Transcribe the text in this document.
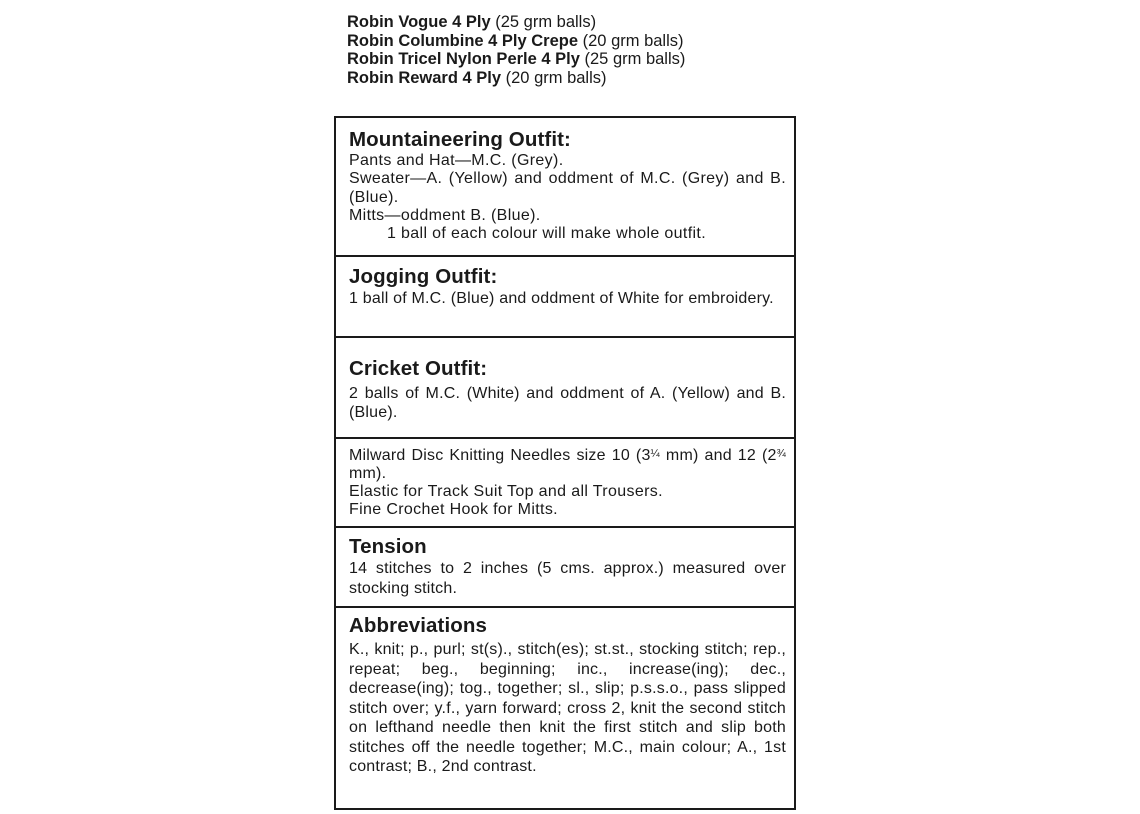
Robin Vogue 4 Ply (25 grm balls)
Robin Columbine 4 Ply Crepe (20 grm balls)
Robin Tricel Nylon Perle 4 Ply (25 grm balls)
Robin Reward 4 Ply (20 grm balls)
Mountaineering Outfit:
Pants and Hat—M.C. (Grey).
Sweater—A. (Yellow) and oddment of M.C. (Grey) and B. (Blue).
Mitts—oddment B. (Blue).
1 ball of each colour will make whole outfit.
Jogging Outfit:
1 ball of M.C. (Blue) and oddment of White for embroidery.
Cricket Outfit:
2 balls of M.C. (White) and oddment of A. (Yellow) and B. (Blue).
Milward Disc Knitting Needles size 10 (3¼ mm) and 12 (2¾ mm).
Elastic for Track Suit Top and all Trousers.
Fine Crochet Hook for Mitts.
Tension
14 stitches to 2 inches (5 cms. approx.) measured over stocking stitch.
Abbreviations
K., knit; p., purl; st(s)., stitch(es); st.st., stocking stitch; rep., repeat; beg., beginning; inc., increase(ing); dec., decrease(ing); tog., together; sl., slip; p.s.s.o., pass slipped stitch over; y.f., yarn forward; cross 2, knit the second stitch on lefthand needle then knit the first stitch and slip both stitches off the needle together; M.C., main colour; A., 1st contrast; B., 2nd contrast.
